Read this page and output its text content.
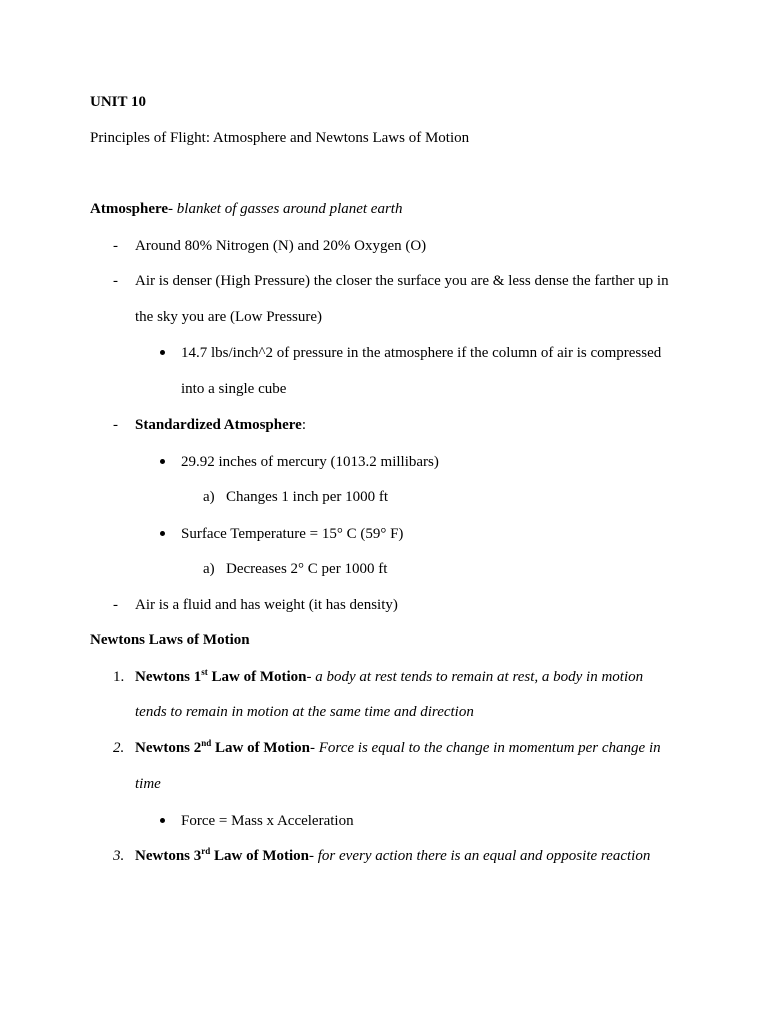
UNIT 10
Principles of Flight: Atmosphere and Newtons Laws of Motion
Atmosphere- blanket of gasses around planet earth
- Around 80% Nitrogen (N) and 20% Oxygen (O)
- Air is denser (High Pressure) the closer the surface you are & less dense the farther up in
the sky you are (Low Pressure)
14.7 lbs/inch^2 of pressure in the atmosphere if the column of air is compressed
into a single cube
- Standardized Atmosphere:
29.92 inches of mercury (1013.2 millibars)
a) Changes 1 inch per 1000 ft
Surface Temperature = 15° C (59° F)
a) Decreases 2° C per 1000 ft
- Air is a fluid and has weight (it has density)
Newtons Laws of Motion
1. Newtons 1st Law of Motion- a body at rest tends to remain at rest, a body in motion
tends to remain in motion at the same time and direction
2. Newtons 2nd Law of Motion- Force is equal to the change in momentum per change in
time
Force = Mass x Acceleration
3. Newtons 3rd Law of Motion- for every action there is an equal and opposite reaction
